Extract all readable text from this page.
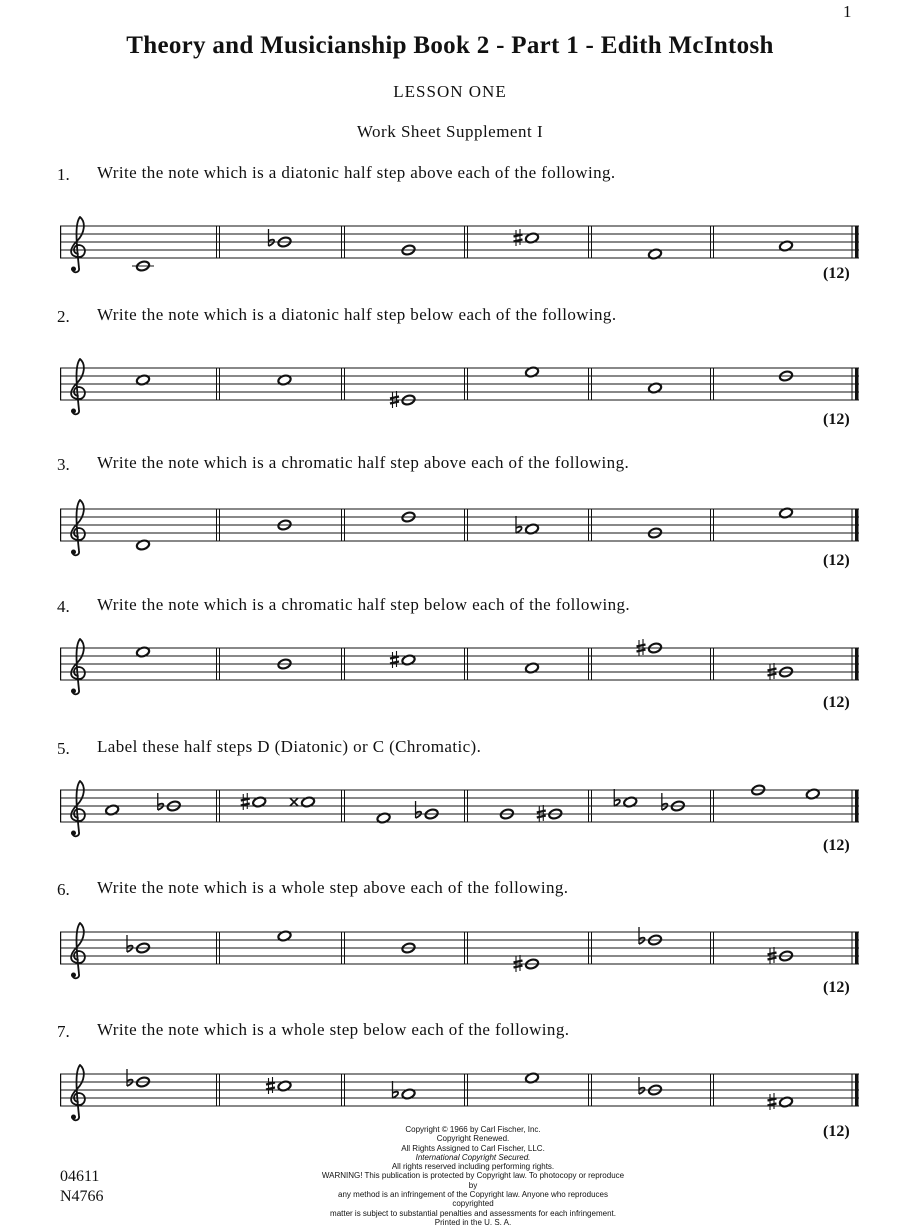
1
Theory and Musicianship Book 2 - Part 1 - Edith McIntosh
LESSON ONE
Work Sheet Supplement I
1. Write the note which is a diatonic half step above each of the following.
(12)
2. Write the note which is a diatonic half step below each of the following.
(12)
3. Write the note which is a chromatic half step above each of the following.
(12)
4. Write the note which is a chromatic half step below each of the following.
(12)
5. Label these half steps D (Diatonic) or C (Chromatic).
(12)
6. Write the note which is a whole step above each of the following.
(12)
7. Write the note which is a whole step below each of the following.
(12)
Copyright © 1966 by Carl Fischer, Inc.
Copyright Renewed.
All Rights Assigned to Carl Fischer, LLC.
International Copyright Secured.
All rights reserved including performing rights.
WARNING! This publication is protected by Copyright law. To photocopy or reproduce by
any method is an infringement of the Copyright law. Anyone who reproduces copyrighted
matter is subject to substantial penalties and assessments for each infringement.
Printed in the U. S. A.
04611
N4766
